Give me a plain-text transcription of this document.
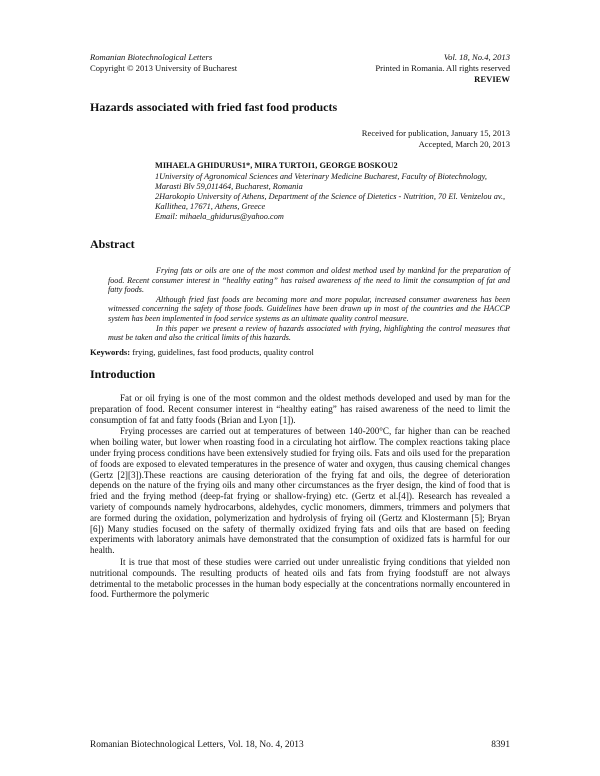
Romanian Biotechnological Letters
Copyright © 2013 University of Bucharest
Vol. 18, No.4, 2013
Printed in Romania. All rights reserved
REVIEW
Hazards associated with fried fast food products
Received for publication, January 15, 2013
Accepted, March 20, 2013
MIHAELA GHIDURUS1*, MIRA TURTOI1, GEORGE BOSKOU2
1University of Agronomical Sciences and Veterinary Medicine Bucharest, Faculty of Biotechnology, Marasti Blv 59,011464, Bucharest, Romania
2Harokopio University of Athens, Department of the Science of Dietetics - Nutrition, 70 El. Venizelou av., Kallithea, 17671, Athens, Greece
Email: mihaela_ghidurus@yahoo.com
Abstract

Frying fats or oils are one of the most common and oldest method used by mankind for the preparation of food. Recent consumer interest in “healthy eating” has raised awareness of the need to limit the consumption of fat and fatty foods.

Although fried fast foods are becoming more and more popular, increased consumer awareness has been witnessed concerning the safety of those foods. Guidelines have been drawn up in most of the countries and the HACCP system has been implemented in food service systems as an ultimate quality control measure.

In this paper we present a review of hazards associated with frying, highlighting the control measures that must be taken and also the critical limits of this hazards.

Keywords: frying, guidelines, fast food products, quality control
Introduction

Fat or oil frying is one of the most common and the oldest methods developed and used by man for the preparation of food. Recent consumer interest in “healthy eating” has raised awareness of the need to limit the consumption of fat and fatty foods (Brian and Lyon [1]).

Frying processes are carried out at temperatures of between 140-200°C, far higher than can be reached when boiling water, but lower when roasting food in a circulating hot airflow. The complex reactions taking place under frying process conditions have been extensively studied for frying oils. Fats and oils used for the preparation of foods are exposed to elevated temperatures in the presence of water and oxygen, thus causing chemical changes (Gertz [2][3]).These reactions are causing deterioration of the frying fat and oils, the degree of deterioration depends on the nature of the frying oils and many other circumstances as the fryer design, the kind of food that is fried and the frying method (deep-fat frying or shallow-frying) etc. (Gertz et al.[4]). Research has revealed a variety of compounds namely hydrocarbons, aldehydes, cyclic monomers, dimmers, trimmers and polymers that are formed during the oxidation, polymerization and hydrolysis of frying oil (Gertz and Klostermann [5]; Bryan [6]) Many studies focused on the safety of thermally oxidized frying fats and oils that are based on feeding experiments with laboratory animals have demonstrated that the consumption of oxidized fats is harmful for our health.

It is true that most of these studies were carried out under unrealistic frying conditions that yielded non nutritional compounds. The resulting products of heated oils and fats from frying foodstuff are not always detrimental to the metabolic processes in the human body especially at the concentrations normally encountered in food. Furthermore the polymeric

Romanian Biotechnological Letters, Vol. 18, No. 4, 2013	8391
